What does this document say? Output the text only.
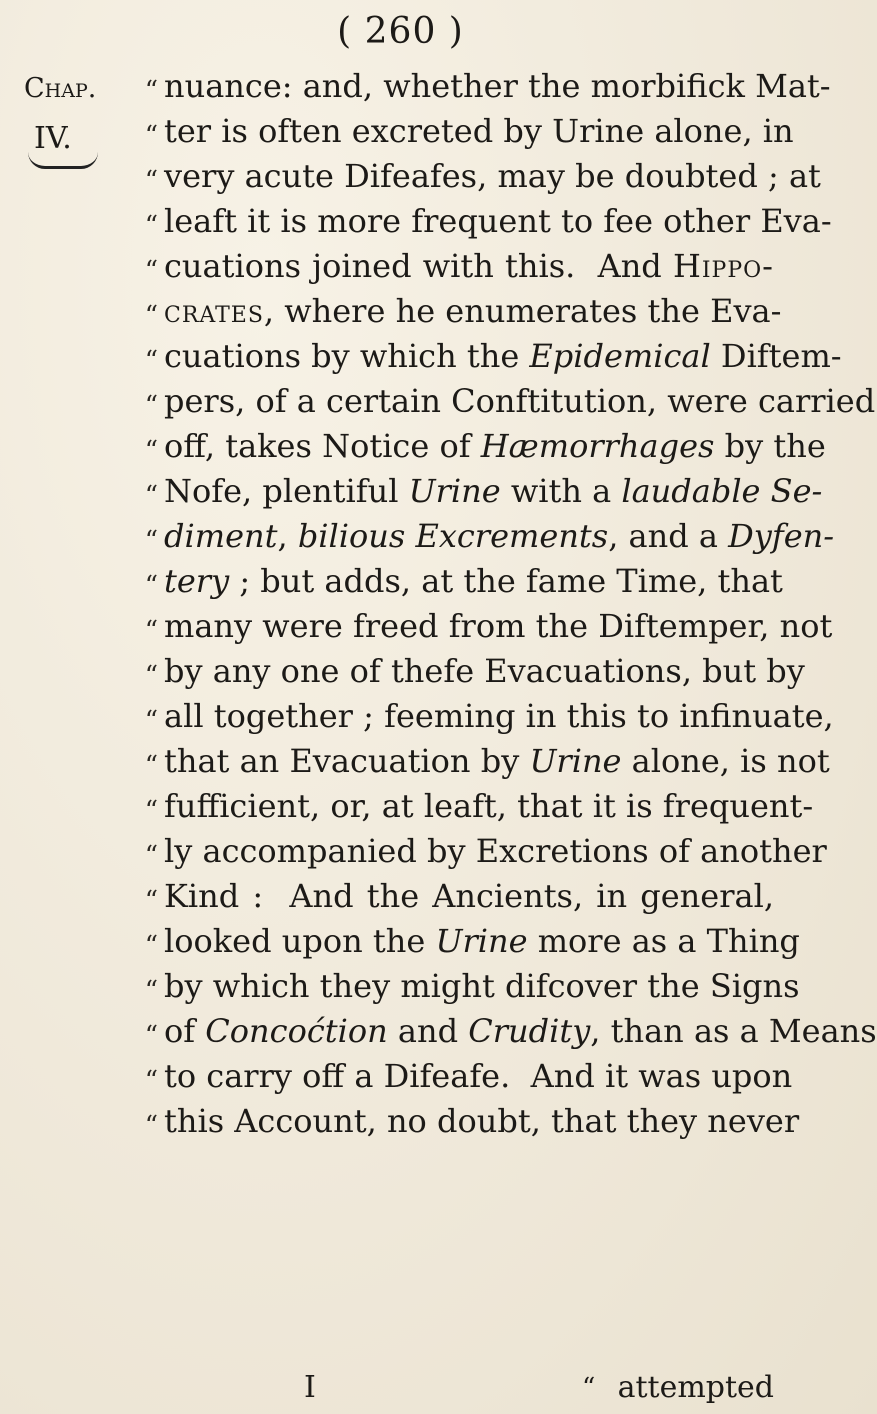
( 260 )
Chap.
IV.
“
“
“
“
“
“
“
“
“
“
“
“
“
“
“
“
“
“
“
“
“
“
“
“
nuance: and, whether the morbifick Mat-
ter is often excreted by Urine alone, in
very acute Difeafes, may be doubted ; at
leaft it is more frequent to fee other Eva-
cuations joined with this.  And Hippo-
crates, where he enumerates the Eva-
cuations by which the Epidemical Diftem-
pers, of a certain Conftitution, were carried
off, takes Notice of Hæmorrhages by the
Nofe, plentiful Urine with a laudable Se-
diment, bilious Excrements, and a Dyfen-
tery ; but adds, at the fame Time, that
many were freed from the Diftemper, not
by any one of thefe Evacuations, but by
all together ; feeming in this to infinuate,
that an Evacuation by Urine alone, is not
fufficient, or, at leaft, that it is frequent-
ly accompanied by Excretions of another
Kind :  And the Ancients, in general,
looked upon the Urine more as a Thing
by which they might difcover the Signs
of Concoćtion and Crudity, than as a Means
to carry off a Difeafe.  And it was upon
this Account, no doubt, that they never
I	“ attempted
